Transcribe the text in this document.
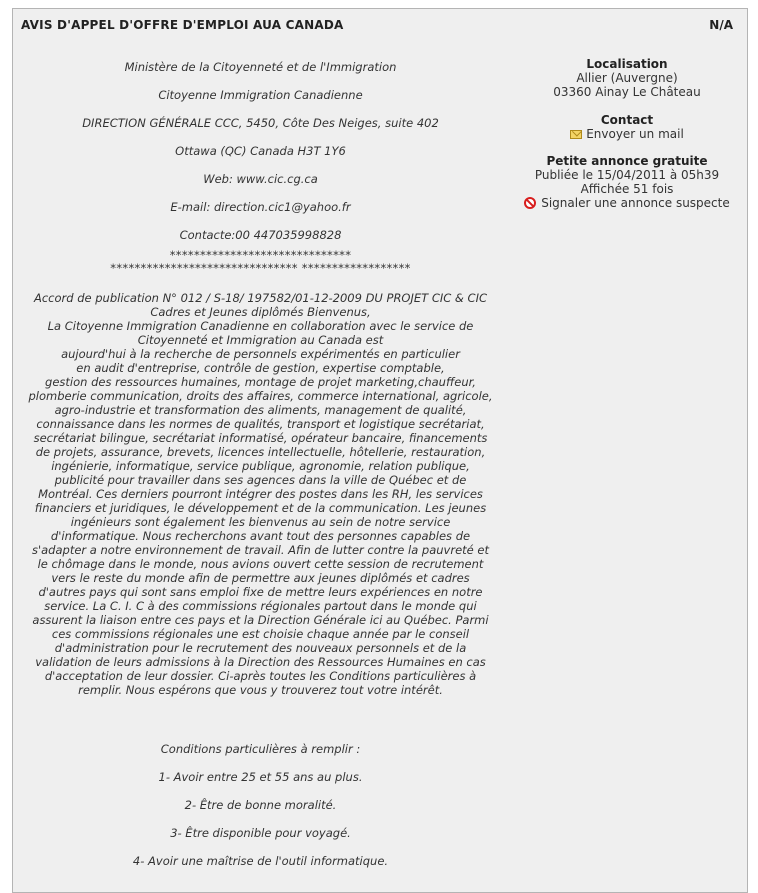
AVIS D'APPEL D'OFFRE D'EMPLOI AUA CANADA	N/A

Ministère de la Citoyenneté et de l'Immigration

Citoyenne Immigration Canadienne

DIRECTION GÉNÉRALE CCC, 5450, Côte Des Neiges, suite 402

Ottawa (QC) Canada H3T 1Y6

Web: www.cic.cg.ca

E-mail: direction.cic1@yahoo.fr

Contacte:00 447035998828

******************************

******************************* ******************

Accord de publication N° 012 / S-18/ 197582/01-12-2009 DU PROJET CIC & CIC
Cadres et Jeunes diplômés Bienvenus,
La Citoyenne Immigration Canadienne en collaboration avec le service de Citoyenneté et Immigration au Canada est
aujourd'hui à la recherche de personnels expérimentés en particulier
en audit d'entreprise, contrôle de gestion, expertise comptable,
gestion des ressources humaines, montage de projet marketing,chauffeur, plomberie communication, droits des affaires, commerce international, agricole, agro-industrie et transformation des aliments, management de qualité, connaissance dans les normes de qualités, transport et logistique secrétariat, secrétariat bilingue, secrétariat informatisé, opérateur bancaire, financements de projets, assurance, brevets, licences intellectuelle, hôtellerie, restauration, ingénierie, informatique, service publique, agronomie, relation publique, publicité pour travailler dans ses agences dans la ville de Québec et de Montréal. Ces derniers pourront intégrer des postes dans les RH, les services financiers et juridiques, le développement et de la communication. Les jeunes ingénieurs sont également les bienvenus au sein de notre service d'informatique. Nous recherchons avant tout des personnes capables de s'adapter a notre environnement de travail. Afin de lutter contre la pauvreté et le chômage dans le monde, nous avions ouvert cette session de recrutement vers le reste du monde afin de permettre aux jeunes diplômés et cadres d'autres pays qui sont sans emploi fixe de mettre leurs expériences en notre service. La C. I. C à des commissions régionales partout dans le monde qui assurent la liaison entre ces pays et la Direction Générale ici au Québec. Parmi ces commissions régionales une est choisie chaque année par le conseil d'administration pour le recrutement des nouveaux personnels et de la validation de leurs admissions à la Direction des Ressources Humaines en cas d'acceptation de leur dossier. Ci-après toutes les Conditions particulières à remplir. Nous espérons que vous y trouverez tout votre intérêt.

Conditions particulières à remplir :

1- Avoir entre 25 et 55 ans au plus.

2- Être de bonne moralité.

3- Être disponible pour voyagé.

4- Avoir une maîtrise de l'outil informatique.

Localisation
Allier (Auvergne)
03360 Ainay Le Château
Contact
Envoyer un mail
Petite annonce gratuite
Publiée le 15/04/2011 à 05h39
Affichée 51 fois
Signaler une annonce suspecte
